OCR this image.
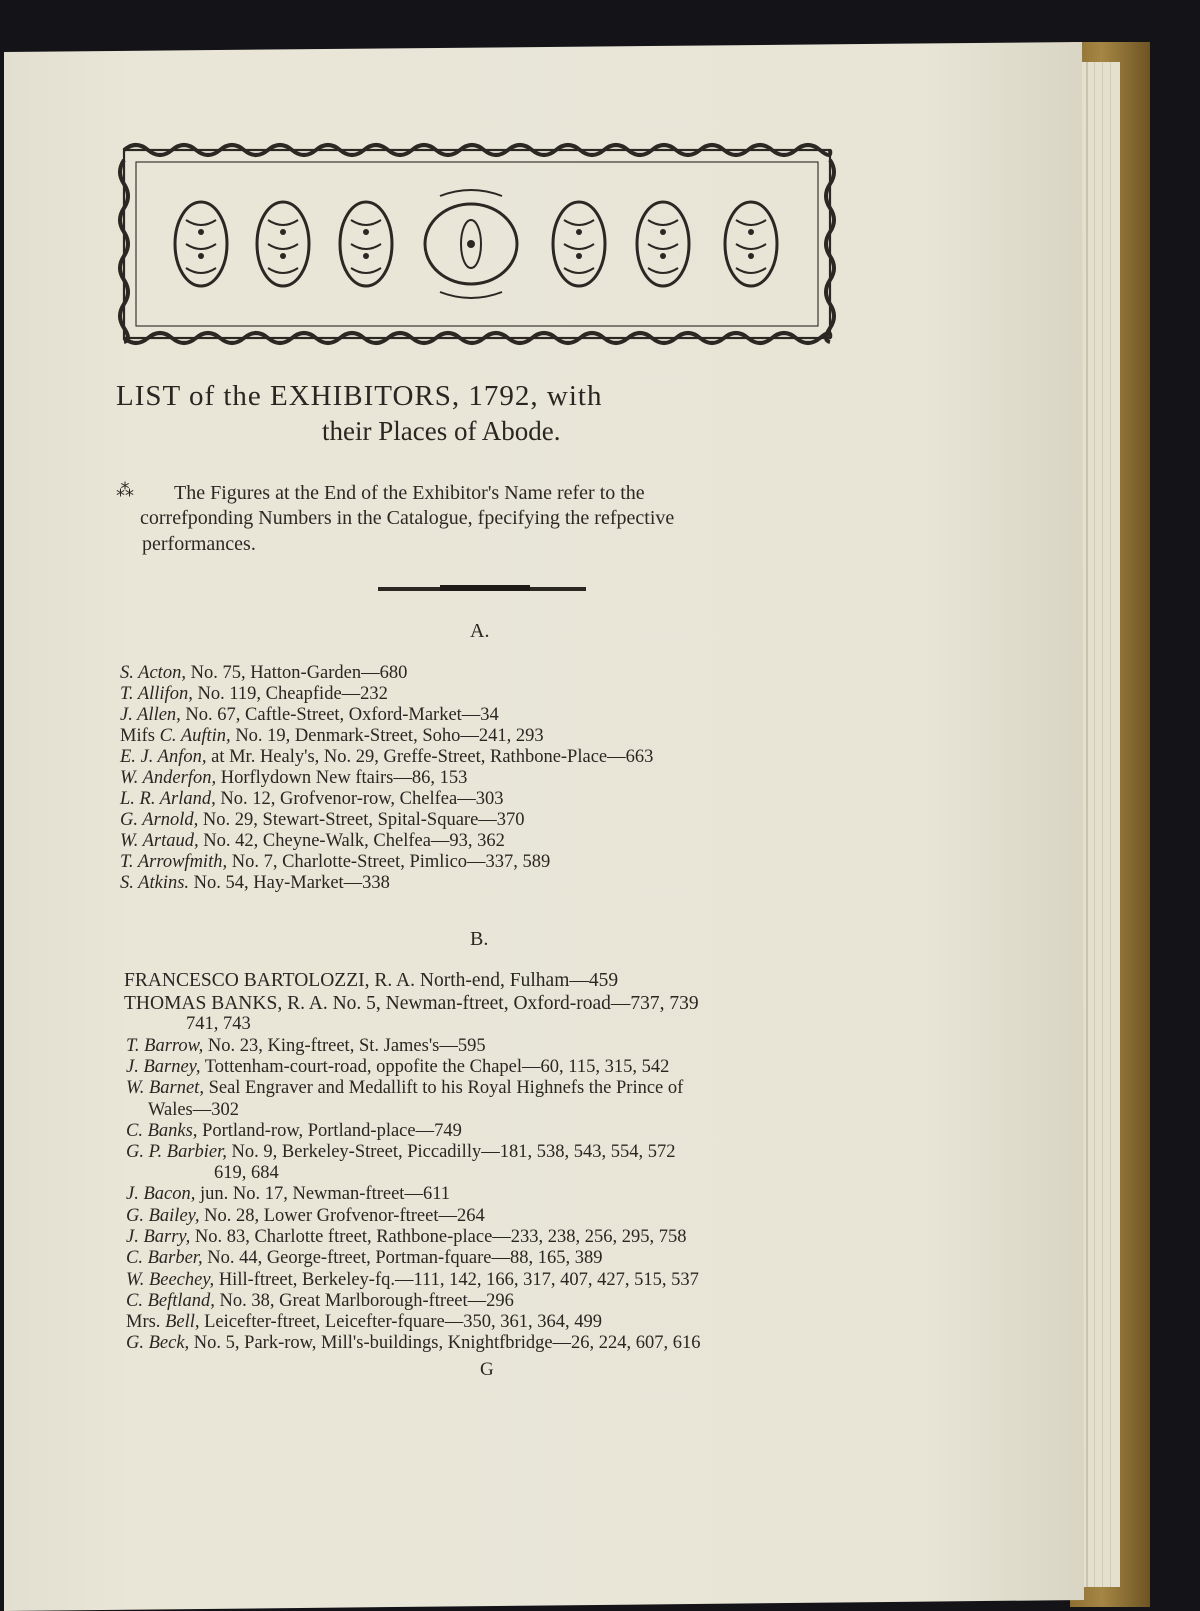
LIST of the EXHIBITORS, 1792, with
their Places of Abode.
⁂ The Figures at the End of the Exhibitor's Name refer to the
correfponding Numbers in the Catalogue, fpecifying the refpective
performances.
A.
S. Acton, No. 75, Hatton-Garden—680
T. Allifon, No. 119, Cheapfide—232
J. Allen, No. 67, Caftle-Street, Oxford-Market—34
Mifs C. Auftin, No. 19, Denmark-Street, Soho—241, 293
E. J. Anfon, at Mr. Healy's, No. 29, Greffe-Street, Rathbone-Place—663
W. Anderfon, Horflydown New ftairs—86, 153
L. R. Arland, No. 12, Grofvenor-row, Chelfea—303
G. Arnold, No. 29, Stewart-Street, Spital-Square—370
W. Artaud, No. 42, Cheyne-Walk, Chelfea—93, 362
T. Arrowfmith, No. 7, Charlotte-Street, Pimlico—337, 589
S. Atkins. No. 54, Hay-Market—338
B.
FRANCESCO BARTOLOZZI, R. A. North-end, Fulham—459
THOMAS BANKS, R. A. No. 5, Newman-ftreet, Oxford-road—737, 739
741, 743
T. Barrow, No. 23, King-ftreet, St. James's—595
J. Barney, Tottenham-court-road, oppofite the Chapel—60, 115, 315, 542
W. Barnet, Seal Engraver and Medallift to his Royal Highnefs the Prince of
Wales—302
C. Banks, Portland-row, Portland-place—749
G. P. Barbier, No. 9, Berkeley-Street, Piccadilly—181, 538, 543, 554, 572
619, 684
J. Bacon, jun. No. 17, Newman-ftreet—611
G. Bailey, No. 28, Lower Grofvenor-ftreet—264
J. Barry, No. 83, Charlotte ftreet, Rathbone-place—233, 238, 256, 295, 758
C. Barber, No. 44, George-ftreet, Portman-fquare—88, 165, 389
W. Beechey, Hill-ftreet, Berkeley-fq.—111, 142, 166, 317, 407, 427, 515, 537
C. Beftland, No. 38, Great Marlborough-ftreet—296
Mrs. Bell, Leicefter-ftreet, Leicefter-fquare—350, 361, 364, 499
G. Beck, No. 5, Park-row, Mill's-buildings, Knightfbridge—26, 224, 607, 616
G
